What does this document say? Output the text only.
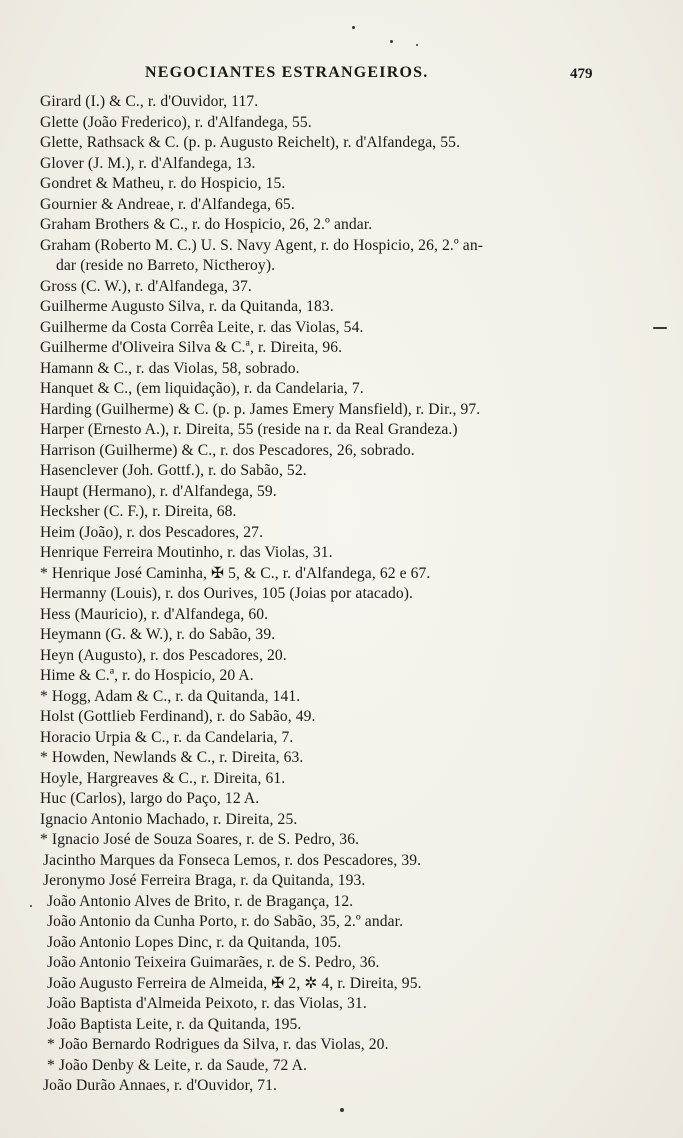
NEGOCIANTES ESTRANGEIROS.	479
Girard (I.) & C., r. d'Ouvidor, 117.
Glette (João Frederico), r. d'Alfandega, 55.
Glette, Rathsack & C. (p. p. Augusto Reichelt), r. d'Alfandega, 55.
Glover (J. M.), r. d'Alfandega, 13.
Gondret & Matheu, r. do Hospicio, 15.
Gournier & Andreae, r. d'Alfandega, 65.
Graham Brothers & C., r. do Hospicio, 26, 2.º andar.
Graham (Roberto M. C.) U. S. Navy Agent, r. do Hospicio, 26, 2.º an-
dar (reside no Barreto, Nictheroy).
Gross (C. W.), r. d'Alfandega, 37.
Guilherme Augusto Silva, r. da Quitanda, 183.
Guilherme da Costa Corrêa Leite, r. das Violas, 54.
Guilherme d'Oliveira Silva & C.ª, r. Direita, 96.
Hamann & C., r. das Violas, 58, sobrado.
Hanquet & C., (em liquidação), r. da Candelaria, 7.
Harding (Guilherme) & C. (p. p. James Emery Mansfield), r. Dir., 97.
Harper (Ernesto A.), r. Direita, 55 (reside na r. da Real Grandeza.)
Harrison (Guilherme) & C., r. dos Pescadores, 26, sobrado.
Hasenclever (Joh. Gottf.), r. do Sabão, 52.
Haupt (Hermano), r. d'Alfandega, 59.
Hecksher (C. F.), r. Direita, 68.
Heim (João), r. dos Pescadores, 27.
Henrique Ferreira Moutinho, r. das Violas, 31.
* Henrique José Caminha, ✠ 5, & C., r. d'Alfandega, 62 e 67.
Hermanny (Louis), r. dos Ourives, 105 (Joias por atacado).
Hess (Mauricio), r. d'Alfandega, 60.
Heymann (G. & W.), r. do Sabão, 39.
Heyn (Augusto), r. dos Pescadores, 20.
Hime & C.ª, r. do Hospicio, 20 A.
* Hogg, Adam & C., r. da Quitanda, 141.
Holst (Gottlieb Ferdinand), r. do Sabão, 49.
Horacio Urpia & C., r. da Candelaria, 7.
* Howden, Newlands & C., r. Direita, 63.
Hoyle, Hargreaves & C., r. Direita, 61.
Huc (Carlos), largo do Paço, 12 A.
Ignacio Antonio Machado, r. Direita, 25.
* Ignacio José de Souza Soares, r. de S. Pedro, 36.
Jacintho Marques da Fonseca Lemos, r. dos Pescadores, 39.
Jeronymo José Ferreira Braga, r. da Quitanda, 193.
João Antonio Alves de Brito, r. de Bragança, 12.
João Antonio da Cunha Porto, r. do Sabão, 35, 2.º andar.
João Antonio Lopes Dinc, r. da Quitanda, 105.
João Antonio Teixeira Guimarães, r. de S. Pedro, 36.
João Augusto Ferreira de Almeida, ✠ 2, ✲ 4, r. Direita, 95.
João Baptista d'Almeida Peixoto, r. das Violas, 31.
João Baptista Leite, r. da Quitanda, 195.
* João Bernardo Rodrigues da Silva, r. das Violas, 20.
* João Denby & Leite, r. da Saude, 72 A.
João Durão Annaes, r. d'Ouvidor, 71.
